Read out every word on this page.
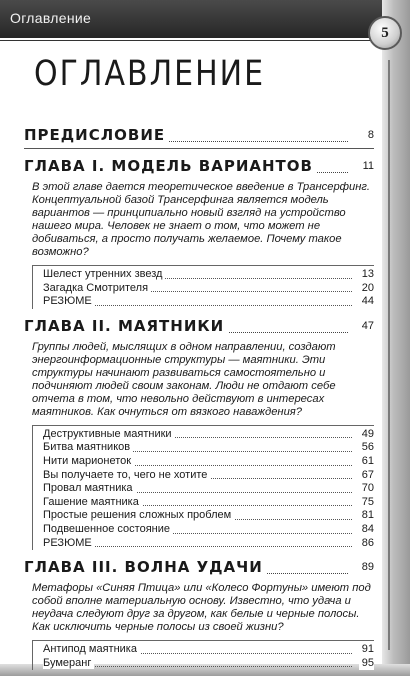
Оглавление
5
ОГЛАВЛЕНИЕ
ПРЕДИСЛОВИЕ	8
ГЛАВА I. МОДЕЛЬ ВАРИАНТОВ	11
В этой главе дается теоретическое введение в Трансерфинг. Концептуальной базой Трансерфинга является модель вариантов — принципиально новый взгляд на устройство нашего мира. Человек не знает о том, что может не добиваться, а просто получать желаемое. Почему такое возможно?
Шелест утренних звезд	13
Загадка Смотрителя	20
РЕЗЮМЕ	44
ГЛАВА II. МАЯТНИКИ	47
Группы людей, мыслящих в одном направлении, создают энергоинформационные структуры — маятники. Эти структуры начинают развиваться самостоятельно и подчиняют людей своим законам. Люди не отдают себе отчета в том, что невольно действуют в интересах маятников. Как очнуться от вязкого наваждения?
Деструктивные маятники	49
Битва маятников	56
Нити марионеток	61
Вы получаете то, чего не хотите	67
Провал маятника	70
Гашение маятника	75
Простые решения сложных проблем	81
Подвешенное состояние	84
РЕЗЮМЕ	86
ГЛАВА III. ВОЛНА УДАЧИ	89
Метафоры «Синяя Птица» или «Колесо Фортуны» имеют под собой вполне материальную основу. Известно, что удача и неудача следуют друг за другом, как белые и черные полосы. Как исключить черные полосы из своей жизни?
Антипод маятника	91
Бумеранг	95
